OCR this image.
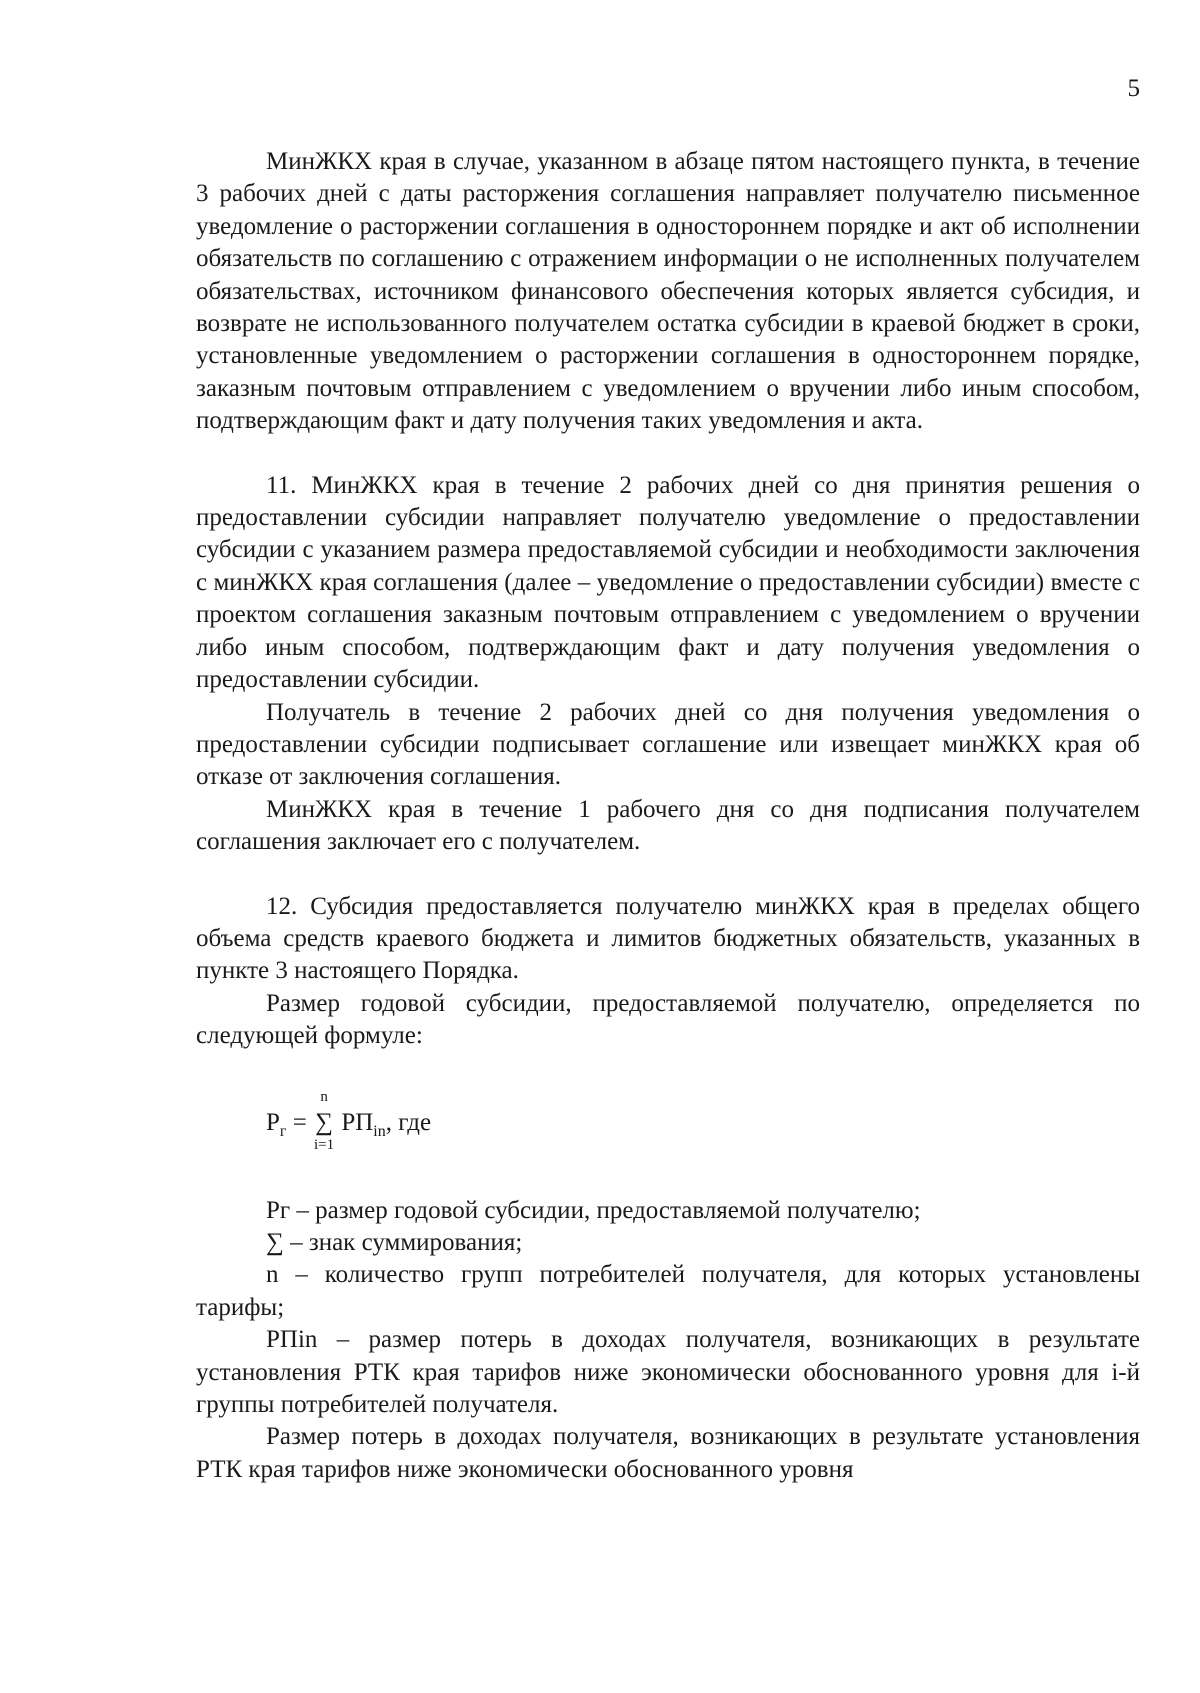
5

МинЖКХ края в случае, указанном в абзаце пятом настоящего пункта, в течение 3 рабочих дней с даты расторжения соглашения направляет получателю письменное уведомление о расторжении соглашения в одностороннем порядке и акт об исполнении обязательств по соглашению с отражением информации о не исполненных получателем обязательствах, источником финансового обеспечения которых является субсидия, и возврате не использованного получателем остатка субсидии в краевой бюджет в сроки, установленные уведомлением о расторжении соглашения в одностороннем порядке, заказным почтовым отправлением с уведомлением о вручении либо иным способом, подтверждающим факт и дату получения таких уведомления и акта.

11. МинЖКХ края в течение 2 рабочих дней со дня принятия решения о предоставлении субсидии направляет получателю уведомление о предоставлении субсидии с указанием размера предоставляемой субсидии и необходимости заключения с минЖКХ края соглашения (далее – уведомление о предоставлении субсидии) вместе с проектом соглашения заказным почтовым отправлением с уведомлением о вручении либо иным способом, подтверждающим факт и дату получения уведомления о предоставлении субсидии.

Получатель в течение 2 рабочих дней со дня получения уведомления о предоставлении субсидии подписывает соглашение или извещает минЖКХ края об отказе от заключения соглашения.

МинЖКХ края в течение 1 рабочего дня со дня подписания получателем соглашения заключает его с получателем.

12. Субсидия предоставляется получателю минЖКХ края в пределах общего объема средств краевого бюджета и лимитов бюджетных обязательств, указанных в пункте 3 настоящего Порядка.

Размер годовой субсидии, предоставляемой получателю, определяется по следующей формуле:

$Р_г$ =
n
∑
i=1
$РП_{in}$, где

Рг – размер годовой субсидии, предоставляемой получателю;

∑ – знак суммирования;

n – количество групп потребителей получателя, для которых установлены тарифы;

РПin – размер потерь в доходах получателя, возникающих в результате установления РТК края тарифов ниже экономически обоснованного уровня для i-й группы потребителей получателя.

Размер потерь в доходах получателя, возникающих в результате установления РТК края тарифов ниже экономически обоснованного уровня
